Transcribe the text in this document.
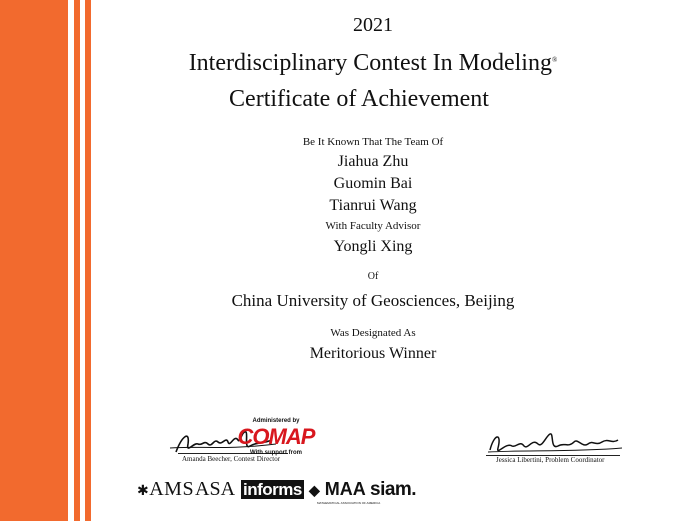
2021
Interdisciplinary Contest In Modeling®
Certificate of Achievement
Be It Known That The Team Of
Jiahua Zhu
Guomin Bai
Tianrui Wang
With Faculty Advisor
Yongli Xing
Of
China University of Geosciences, Beijing
Was Designated As
Meritorious Winner
Amanda Beecher, Contest Director	Jessica Libertini, Problem Coordinator
Administered by
COMAP
With support from
✱AMS ASA informs ◆ MAA
MATHEMATICAL ASSOCIATION OF AMERICA
siam.
